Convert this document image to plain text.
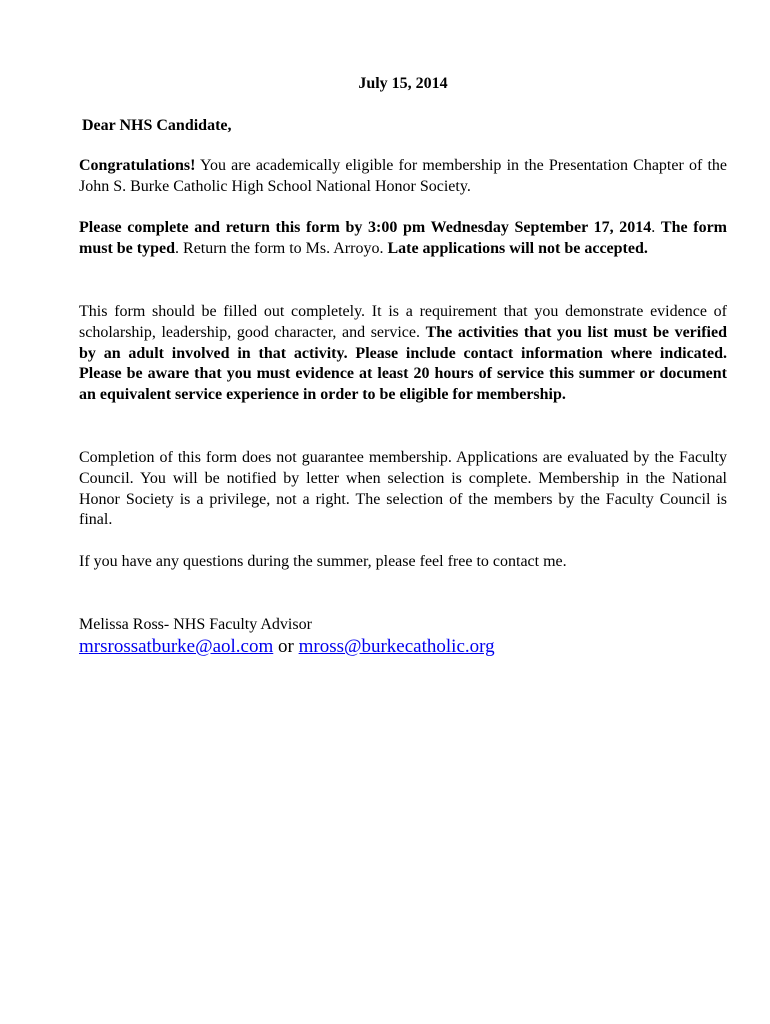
July 15, 2014
Dear NHS Candidate,
Congratulations! You are academically eligible for membership in the Presentation Chapter of the John S. Burke Catholic High School National Honor Society.
Please complete and return this form by 3:00 pm Wednesday September 17, 2014. The form must be typed. Return the form to Ms. Arroyo. Late applications will not be accepted.
This form should be filled out completely. It is a requirement that you demonstrate evidence of scholarship, leadership, good character, and service. The activities that you list must be verified by an adult involved in that activity. Please include contact information where indicated. Please be aware that you must evidence at least 20 hours of service this summer or document an equivalent service experience in order to be eligible for membership.
Completion of this form does not guarantee membership. Applications are evaluated by the Faculty Council. You will be notified by letter when selection is complete. Membership in the National Honor Society is a privilege, not a right. The selection of the members by the Faculty Council is final.
If you have any questions during the summer, please feel free to contact me.
Melissa Ross- NHS Faculty Advisor
mrsrossatburke@aol.com or mross@burkecatholic.org
